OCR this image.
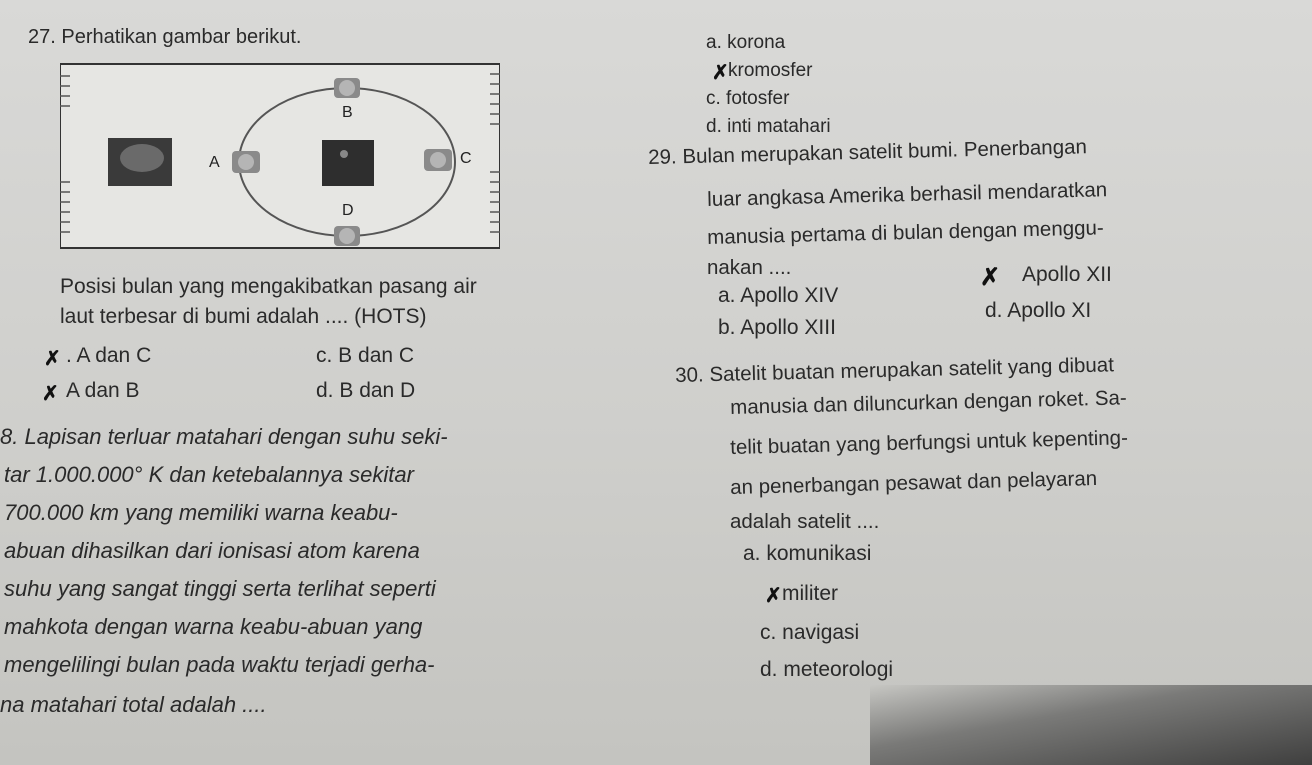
27. Perhatikan gambar berikut.
B
A	C
D
Posisi bulan yang mengakibatkan pasang air
laut terbesar di bumi adalah .... (HOTS)
✗ . A dan C	c. B dan C
✗ A dan B	d. B dan D
8. Lapisan terluar matahari dengan suhu seki-
tar 1.000.000° K dan ketebalannya sekitar
700.000 km yang memiliki warna keabu-
abuan dihasilkan dari ionisasi atom karena
suhu yang sangat tinggi serta terlihat seperti
mahkota dengan warna keabu-abuan yang
mengelilingi bulan pada waktu terjadi gerha-
na matahari total adalah ....
a. korona
✗ kromosfer
c. fotosfer
d. inti matahari
29. Bulan merupakan satelit bumi. Penerbangan
luar angkasa Amerika berhasil mendaratkan
manusia pertama di bulan dengan menggu-
nakan ....
a. Apollo XIV
✗ Apollo XII
b. Apollo XIII
d. Apollo XI
30. Satelit buatan merupakan satelit yang dibuat
manusia dan diluncurkan dengan roket. Sa-
telit buatan yang berfungsi untuk kepenting-
an penerbangan pesawat dan pelayaran
adalah satelit ....
a. komunikasi
✗ militer
c. navigasi
d. meteorologi
